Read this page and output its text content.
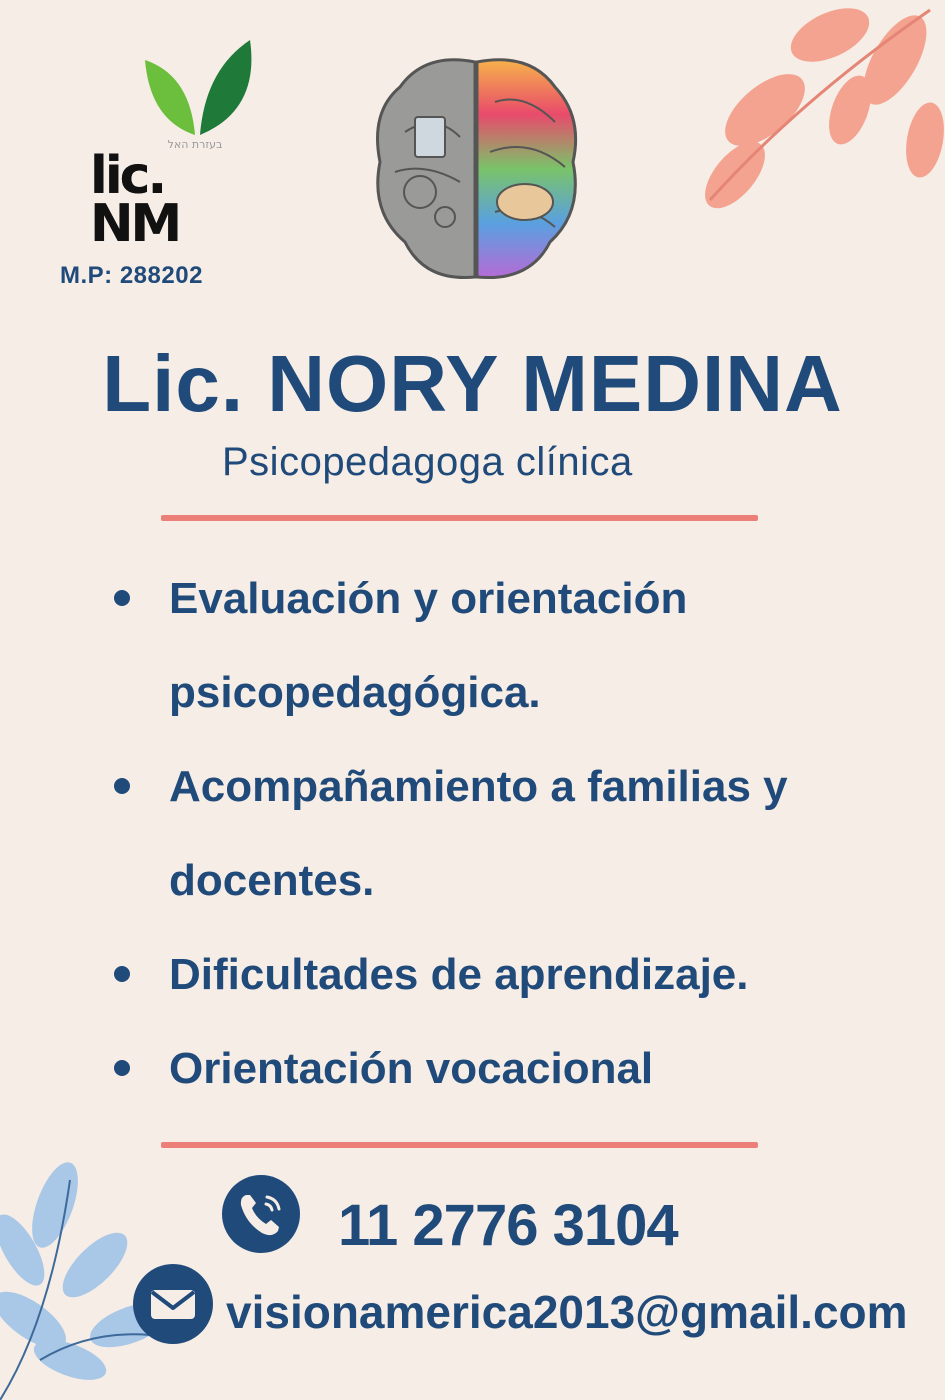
בעזרת האל
lic.
NM
M.P: 288202
Lic. NORY MEDINA
Psicopedagoga clínica
Evaluación y orientación psicopedagógica.
Acompañamiento a familias y docentes.
Dificultades de aprendizaje.
Orientación vocacional
11 2776 3104
visionamerica2013@gmail.com
